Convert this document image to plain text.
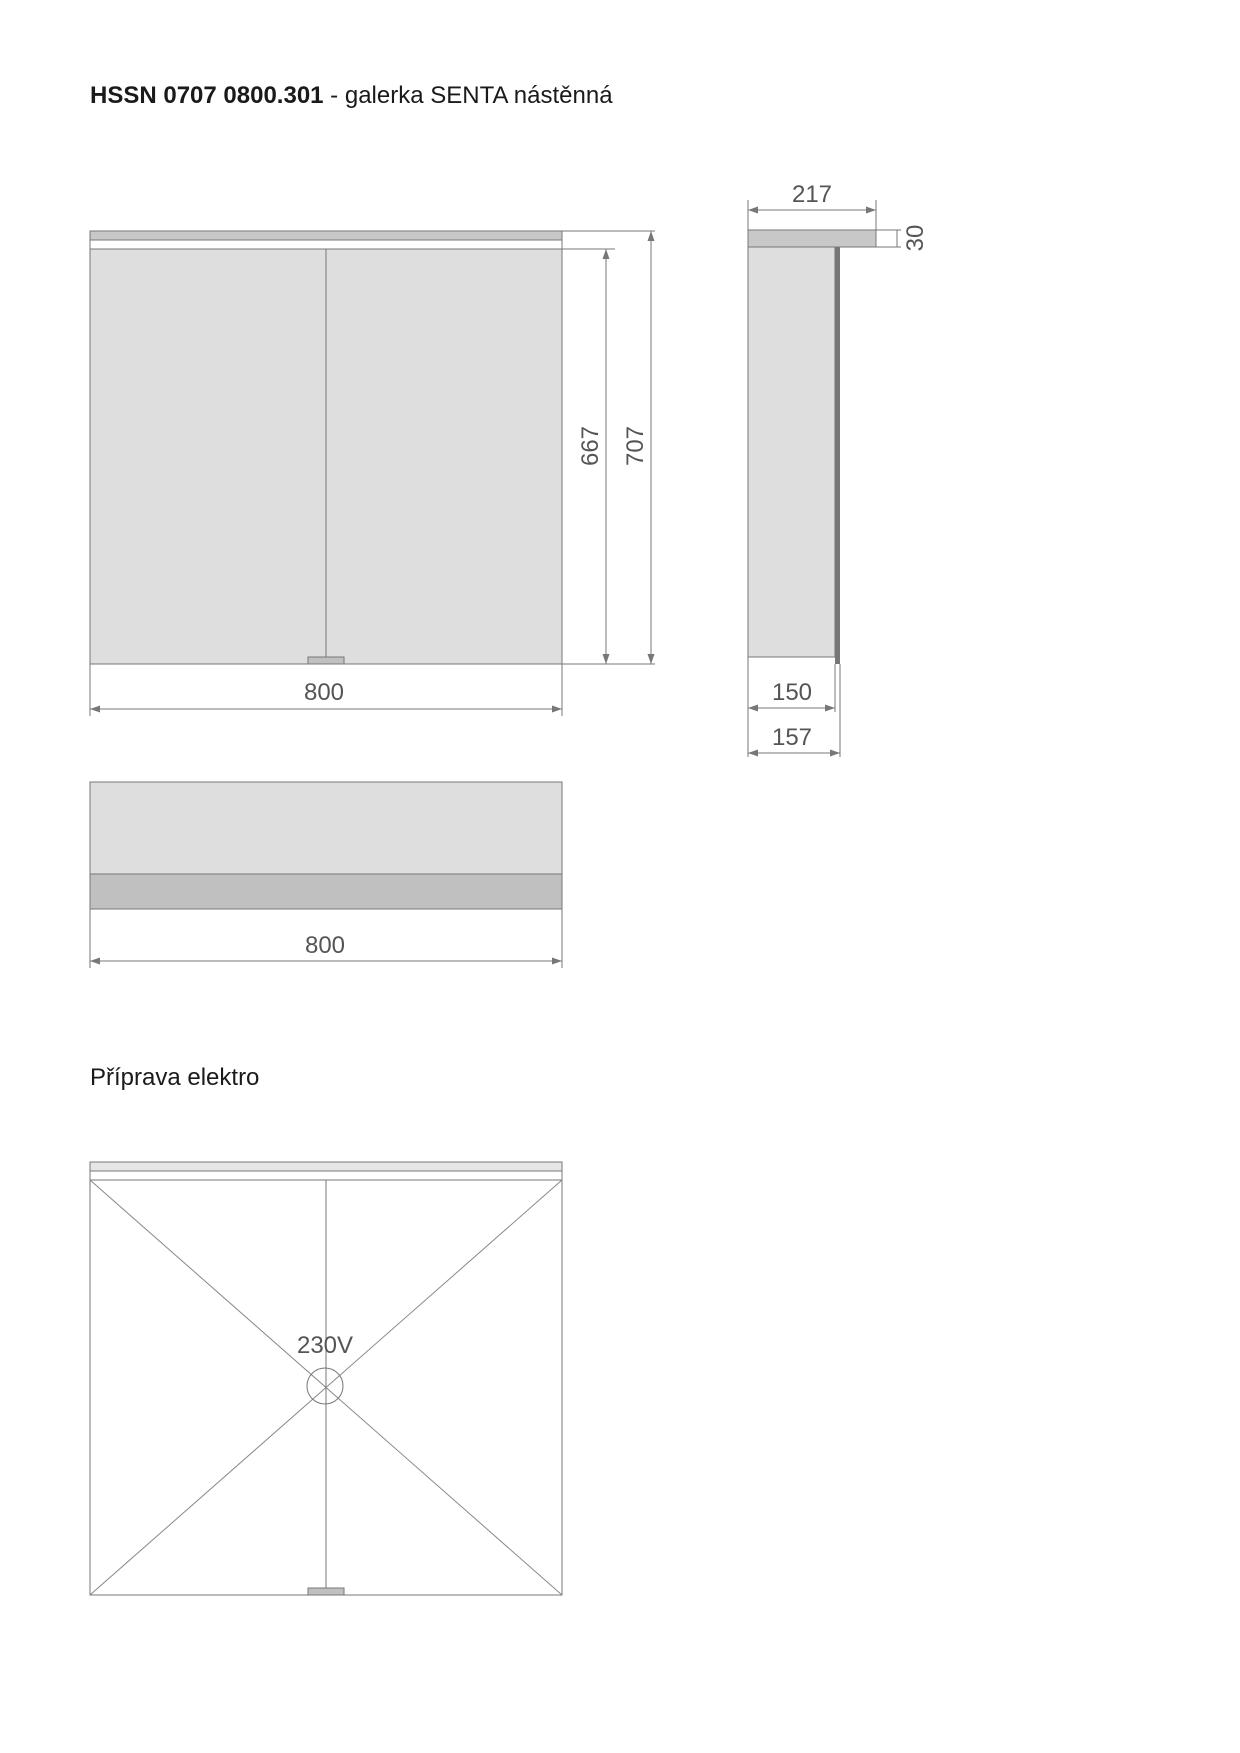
HSSN 0707 0800.301 - galerka SENTA nástěnná
667 707
800
217
30
150
157
800
230V
Příprava elektro
